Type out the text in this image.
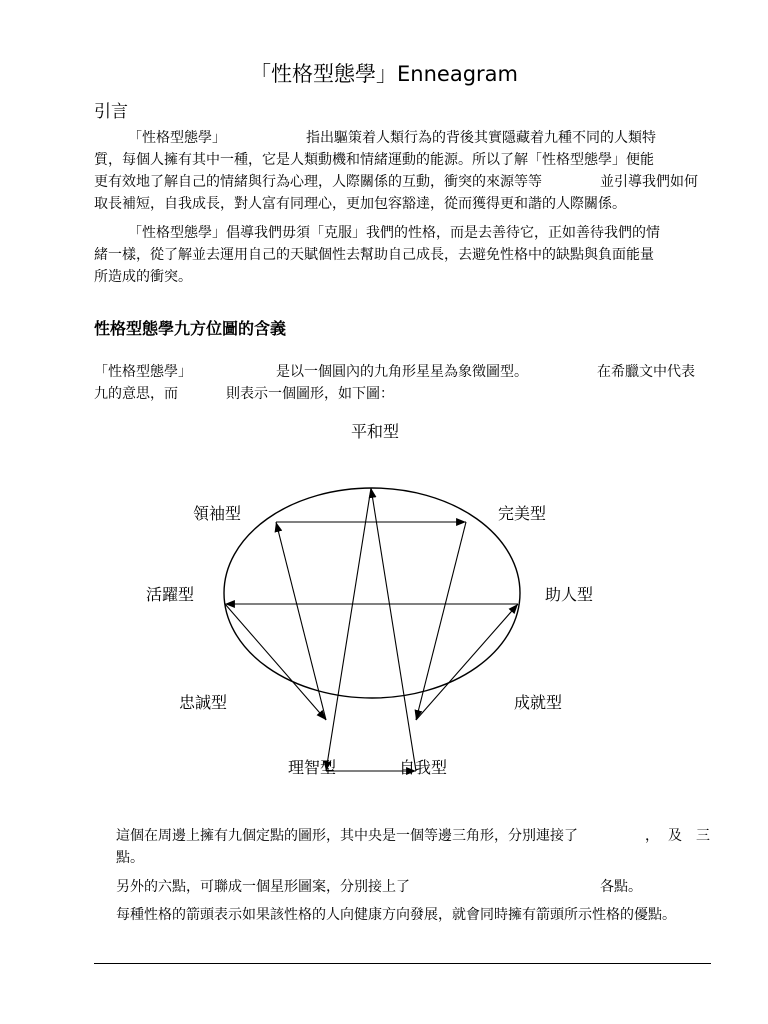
「性格型態學」Enneagram
引言
「性格型態學」	指出驅策着人類行為的背後其實隱藏着九種不同的人類特
質，每個人擁有其中一種，它是人類動機和情緒運動的能源。所以了解「性格型態學」便能
更有效地了解自己的情緒與行為心理，人際關係的互動，衝突的來源等等	並引導我們如何
取長補短，自我成長，對人富有同理心，更加包容豁達，從而獲得更和諧的人際關係。
「性格型態學」倡導我們毋須「克服」我們的性格，而是去善待它，正如善待我們的情
緒一樣，從了解並去運用自己的天賦個性去幫助自己成長，去避免性格中的缺點與負面能量
所造成的衝突。
性格型態學九方位圖的含義
「性格型態學」	是以一個圓內的九角形星星為象徵圖型。	在希臘文中代表
九的意思，而	則表示一個圖形，如下圖：
平和型
完美型
助人型
成就型
自我型
理智型
忠誠型
活躍型
領袖型
這個在周邊上擁有九個定點的圖形，其中央是一個等邊三角形，分別連接了	， 及 三
點。
另外的六點，可聯成一個星形圖案，分別接上了	各點。
每種性格的箭頭表示如果該性格的人向健康方向發展，就會同時擁有箭頭所示性格的優點。
